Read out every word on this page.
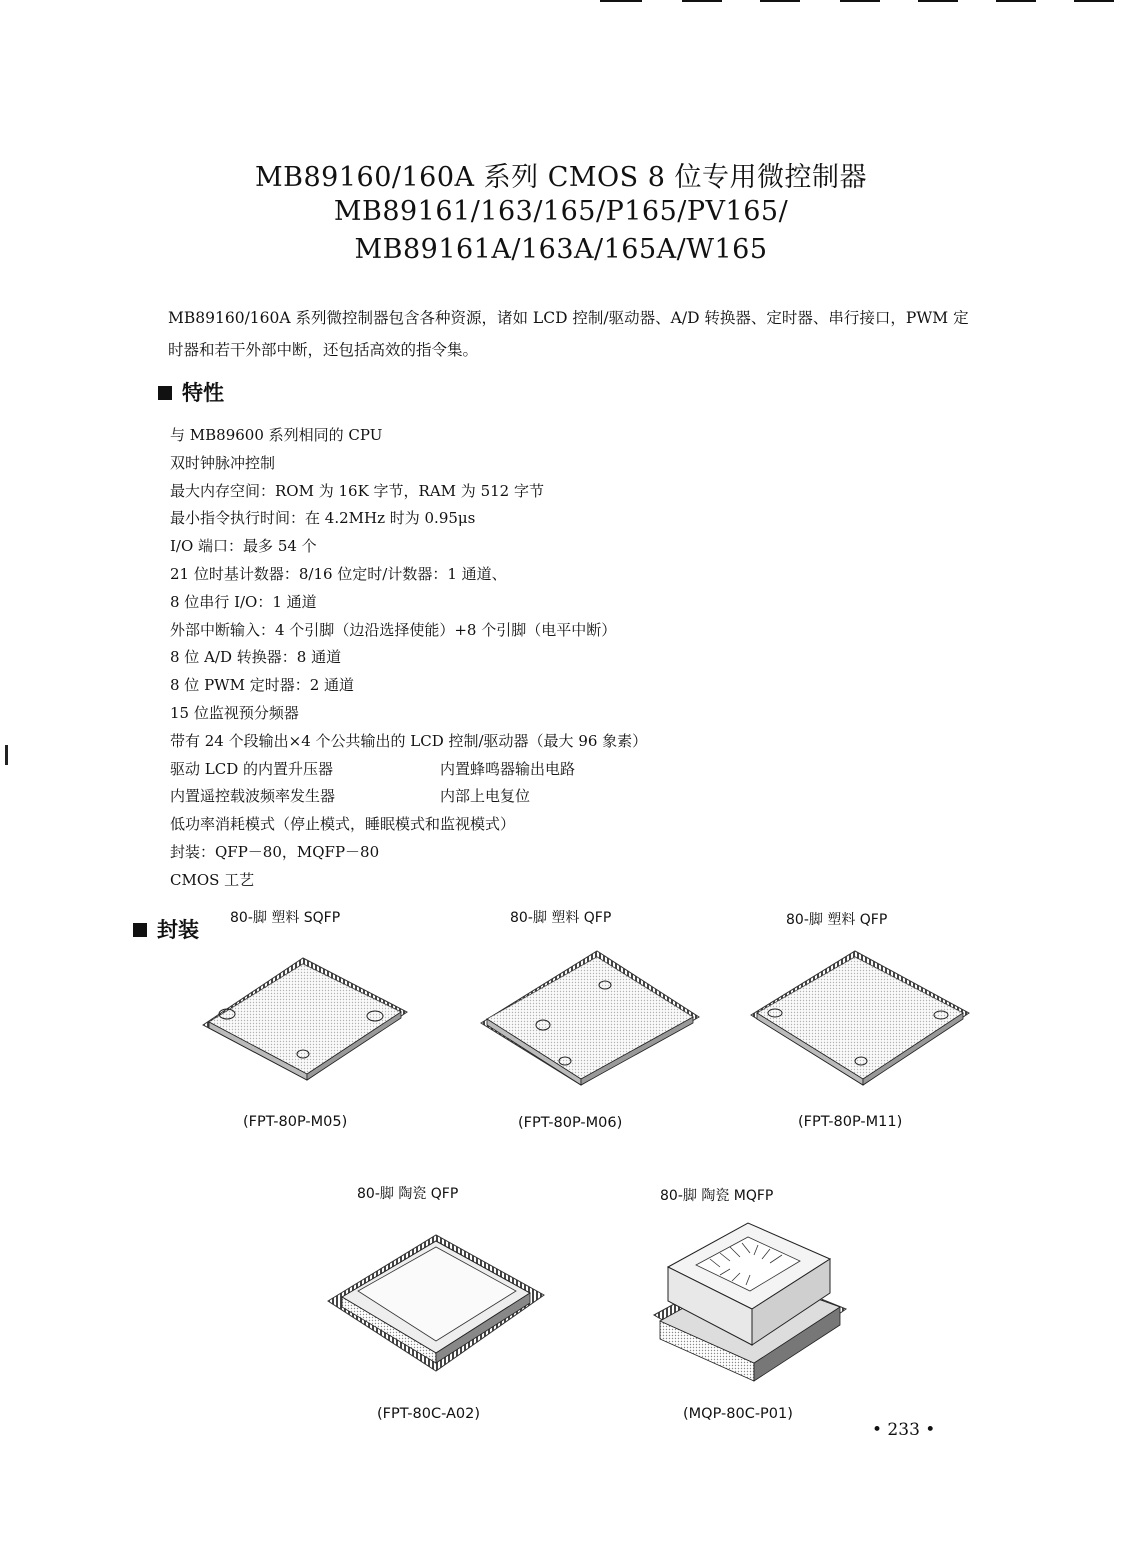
MB89160/160A 系列 CMOS 8 位专用微控制器
MB89161/163/165/P165/PV165/
MB89161A/163A/165A/W165
MB89160/160A 系列微控制器包含各种资源，诸如 LCD 控制/驱动器、A/D 转换器、定时器、串行接口，PWM 定时器和若干外部中断，还包括高效的指令集。
特性
与 MB89600 系列相同的 CPU
双时钟脉冲控制
最大内存空间：ROM 为 16K 字节，RAM 为 512 字节
最小指令执行时间：在 4.2MHz 时为 0.95μs
I/O 端口：最多 54 个
21 位时基计数器：8/16 位定时/计数器：1 通道、
8 位串行 I/O：1 通道
外部中断输入：4 个引脚（边沿选择使能）+8 个引脚（电平中断）
8 位 A/D 转换器：8 通道
8 位 PWM 定时器：2 通道
15 位监视预分频器
带有 24 个段输出×4 个公共输出的 LCD 控制/驱动器（最大 96 象素）
驱动 LCD 的内置升压器	内置蜂鸣器输出电路
内置遥控载波频率发生器	内部上电复位
低功率消耗模式（停止模式，睡眠模式和监视模式）
封装：QFP－80，MQFP－80
CMOS 工艺
封装 80-脚 塑料 SQFP	80-脚 塑料 QFP	80-脚 塑料 QFP
80-脚 陶瓷 QFP	80-脚 陶瓷 MQFP
(FPT-80P-M05)	(FPT-80P-M06)	(FPT-80P-M11)
(FPT-80C-A02)	(MQP-80C-P01)
• 233 •
